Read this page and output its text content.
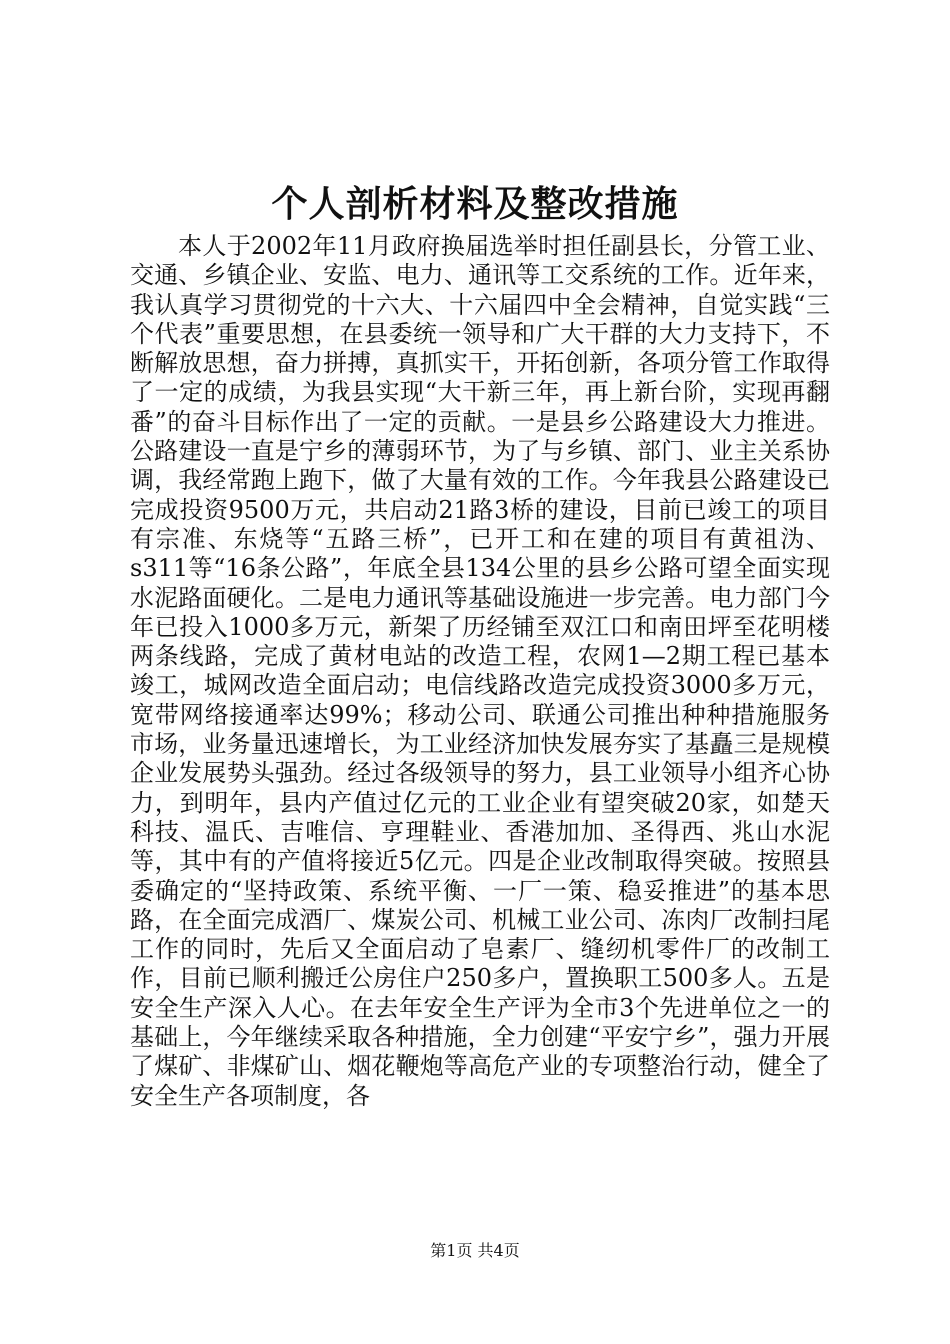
个人剖析材料及整改措施

本人于2002年11月政府换届选举时担任副县长，分管工业、交通、乡镇企业、安监、电力、通讯等工交系统的工作。近年来，我认真学习贯彻党的十六大、十六届四中全会精神，自觉实践“三个代表”重要思想，在县委统一领导和广大干群的大力支持下，不断解放思想，奋力拼搏，真抓实干，开拓创新，各项分管工作取得了一定的成绩，为我县实现“大干新三年，再上新台阶，实现再翻番”的奋斗目标作出了一定的贡献。一是县乡公路建设大力推进。公路建设一直是宁乡的薄弱环节，为了与乡镇、部门、业主关系协调，我经常跑上跑下，做了大量有效的工作。今年我县公路建设已完成投资9500万元，共启动21路3桥的建设，目前已竣工的项目有宗准、东烧等“五路三桥”，已开工和在建的项目有黄祖沩、s311等“16条公路”，年底全县134公里的县乡公路可望全面实现水泥路面硬化。二是电力通讯等基础设施进一步完善。电力部门今年已投入1000多万元，新架了历经铺至双江口和南田坪至花明楼两条线路，完成了黄材电站的改造工程，农网1—2期工程已基本竣工，城网改造全面启动；电信线路改造完成投资3000多万元，宽带网络接通率达99%；移动公司、联通公司推出种种措施服务市场，业务量迅速增长，为工业经济加快发展夯实了基矗三是规模企业发展势头强劲。经过各级领导的努力，县工业领导小组齐心协力，到明年，县内产值过亿元的工业企业有望突破20家，如楚天科技、温氏、吉唯信、亨理鞋业、香港加加、圣得西、兆山水泥等，其中有的产值将接近5亿元。四是企业改制取得突破。按照县委确定的“坚持政策、系统平衡、一厂一策、稳妥推进”的基本思路，在全面完成酒厂、煤炭公司、机械工业公司、冻肉厂改制扫尾工作的同时，先后又全面启动了皂素厂、缝纫机零件厂的改制工作，目前已顺利搬迁公房住户250多户，置换职工500多人。五是安全生产深入人心。在去年安全生产评为全市3个先进单位之一的基础上，今年继续采取各种措施，全力创建“平安宁乡”，强力开展了煤矿、非煤矿山、烟花鞭炮等高危产业的专项整治行动，健全了安全生产各项制度，各

第1页 共4页
